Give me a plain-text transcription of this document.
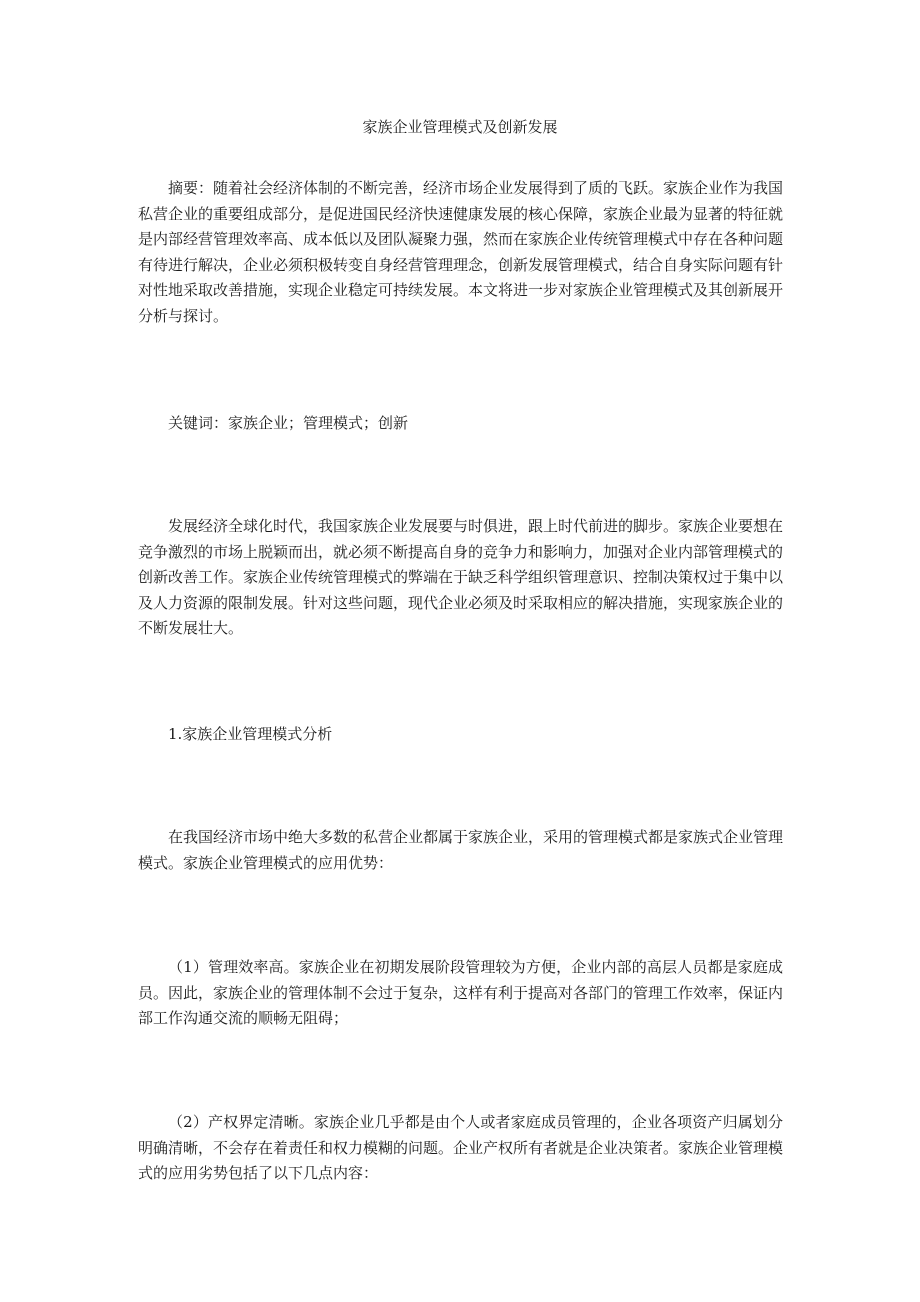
家族企业管理模式及创新发展

摘要：随着社会经济体制的不断完善，经济市场企业发展得到了质的飞跃。家族企业作为我国私营企业的重要组成部分，是促进国民经济快速健康发展的核心保障，家族企业最为显著的特征就是内部经营管理效率高、成本低以及团队凝聚力强，然而在家族企业传统管理模式中存在各种问题有待进行解决，企业必须积极转变自身经营管理理念，创新发展管理模式，结合自身实际问题有针对性地采取改善措施，实现企业稳定可持续发展。本文将进一步对家族企业管理模式及其创新展开分析与探讨。

关键词：家族企业；管理模式；创新

发展经济全球化时代，我国家族企业发展要与时俱进，跟上时代前进的脚步。家族企业要想在竞争激烈的市场上脱颖而出，就必须不断提高自身的竞争力和影响力，加强对企业内部管理模式的创新改善工作。家族企业传统管理模式的弊端在于缺乏科学组织管理意识、控制决策权过于集中以及人力资源的限制发展。针对这些问题，现代企业必须及时采取相应的解决措施，实现家族企业的不断发展壮大。

1.家族企业管理模式分析

在我国经济市场中绝大多数的私营企业都属于家族企业，采用的管理模式都是家族式企业管理模式。家族企业管理模式的应用优势：

（1）管理效率高。家族企业在初期发展阶段管理较为方便，企业内部的高层人员都是家庭成员。因此，家族企业的管理体制不会过于复杂，这样有利于提高对各部门的管理工作效率，保证内部工作沟通交流的顺畅无阻碍；

（2）产权界定清晰。家族企业几乎都是由个人或者家庭成员管理的，企业各项资产归属划分明确清晰，不会存在着责任和权力模糊的问题。企业产权所有者就是企业决策者。家族企业管理模式的应用劣势包括了以下几点内容：
